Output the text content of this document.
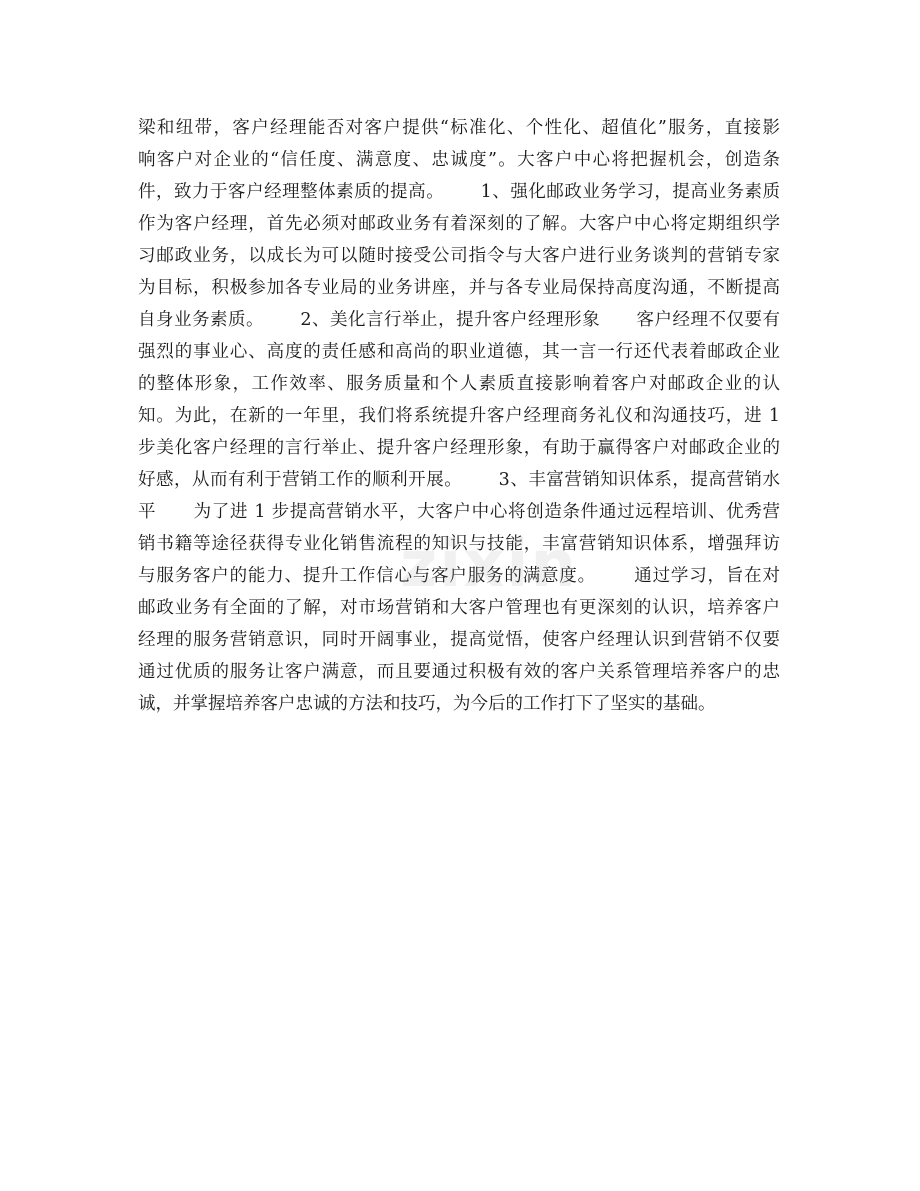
梁和纽带，客户经理能否对客户提供“标准化、个性化、超值化”服务，直接影
响客户对企业的“信任度、满意度、忠诚度”。大客户中心将把握机会，创造条
件，致力于客户经理整体素质的提高。      1、强化邮政业务学习，提高业务素质
作为客户经理，首先必须对邮政业务有着深刻的了解。大客户中心将定期组织学
习邮政业务，以成长为可以随时接受公司指令与大客户进行业务谈判的营销专家
为目标，积极参加各专业局的业务讲座，并与各专业局保持高度沟通，不断提高
自身业务素质。      2、美化言行举止，提升客户经理形象      客户经理不仅要有
强烈的事业心、高度的责任感和高尚的职业道德，其一言一行还代表着邮政企业
的整体形象，工作效率、服务质量和个人素质直接影响着客户对邮政企业的认
知。为此，在新的一年里，我们将系统提升客户经理商务礼仪和沟通技巧，进 1
步美化客户经理的言行举止、提升客户经理形象，有助于赢得客户对邮政企业的
好感，从而有利于营销工作的顺利开展。      3、丰富营销知识体系，提高营销水
平      为了进 1 步提高营销水平，大客户中心将创造条件通过远程培训、优秀营
销书籍等途径获得专业化销售流程的知识与技能，丰富营销知识体系，增强拜访
与服务客户的能力、提升工作信心与客户服务的满意度。      通过学习，旨在对
邮政业务有全面的了解，对市场营销和大客户管理也有更深刻的认识，培养客户
经理的服务营销意识，同时开阔事业，提高觉悟，使客户经理认识到营销不仅要
通过优质的服务让客户满意，而且要通过积极有效的客户关系管理培养客户的忠
诚，并掌握培养客户忠诚的方法和技巧，为今后的工作打下了坚实的基础。
zixin
